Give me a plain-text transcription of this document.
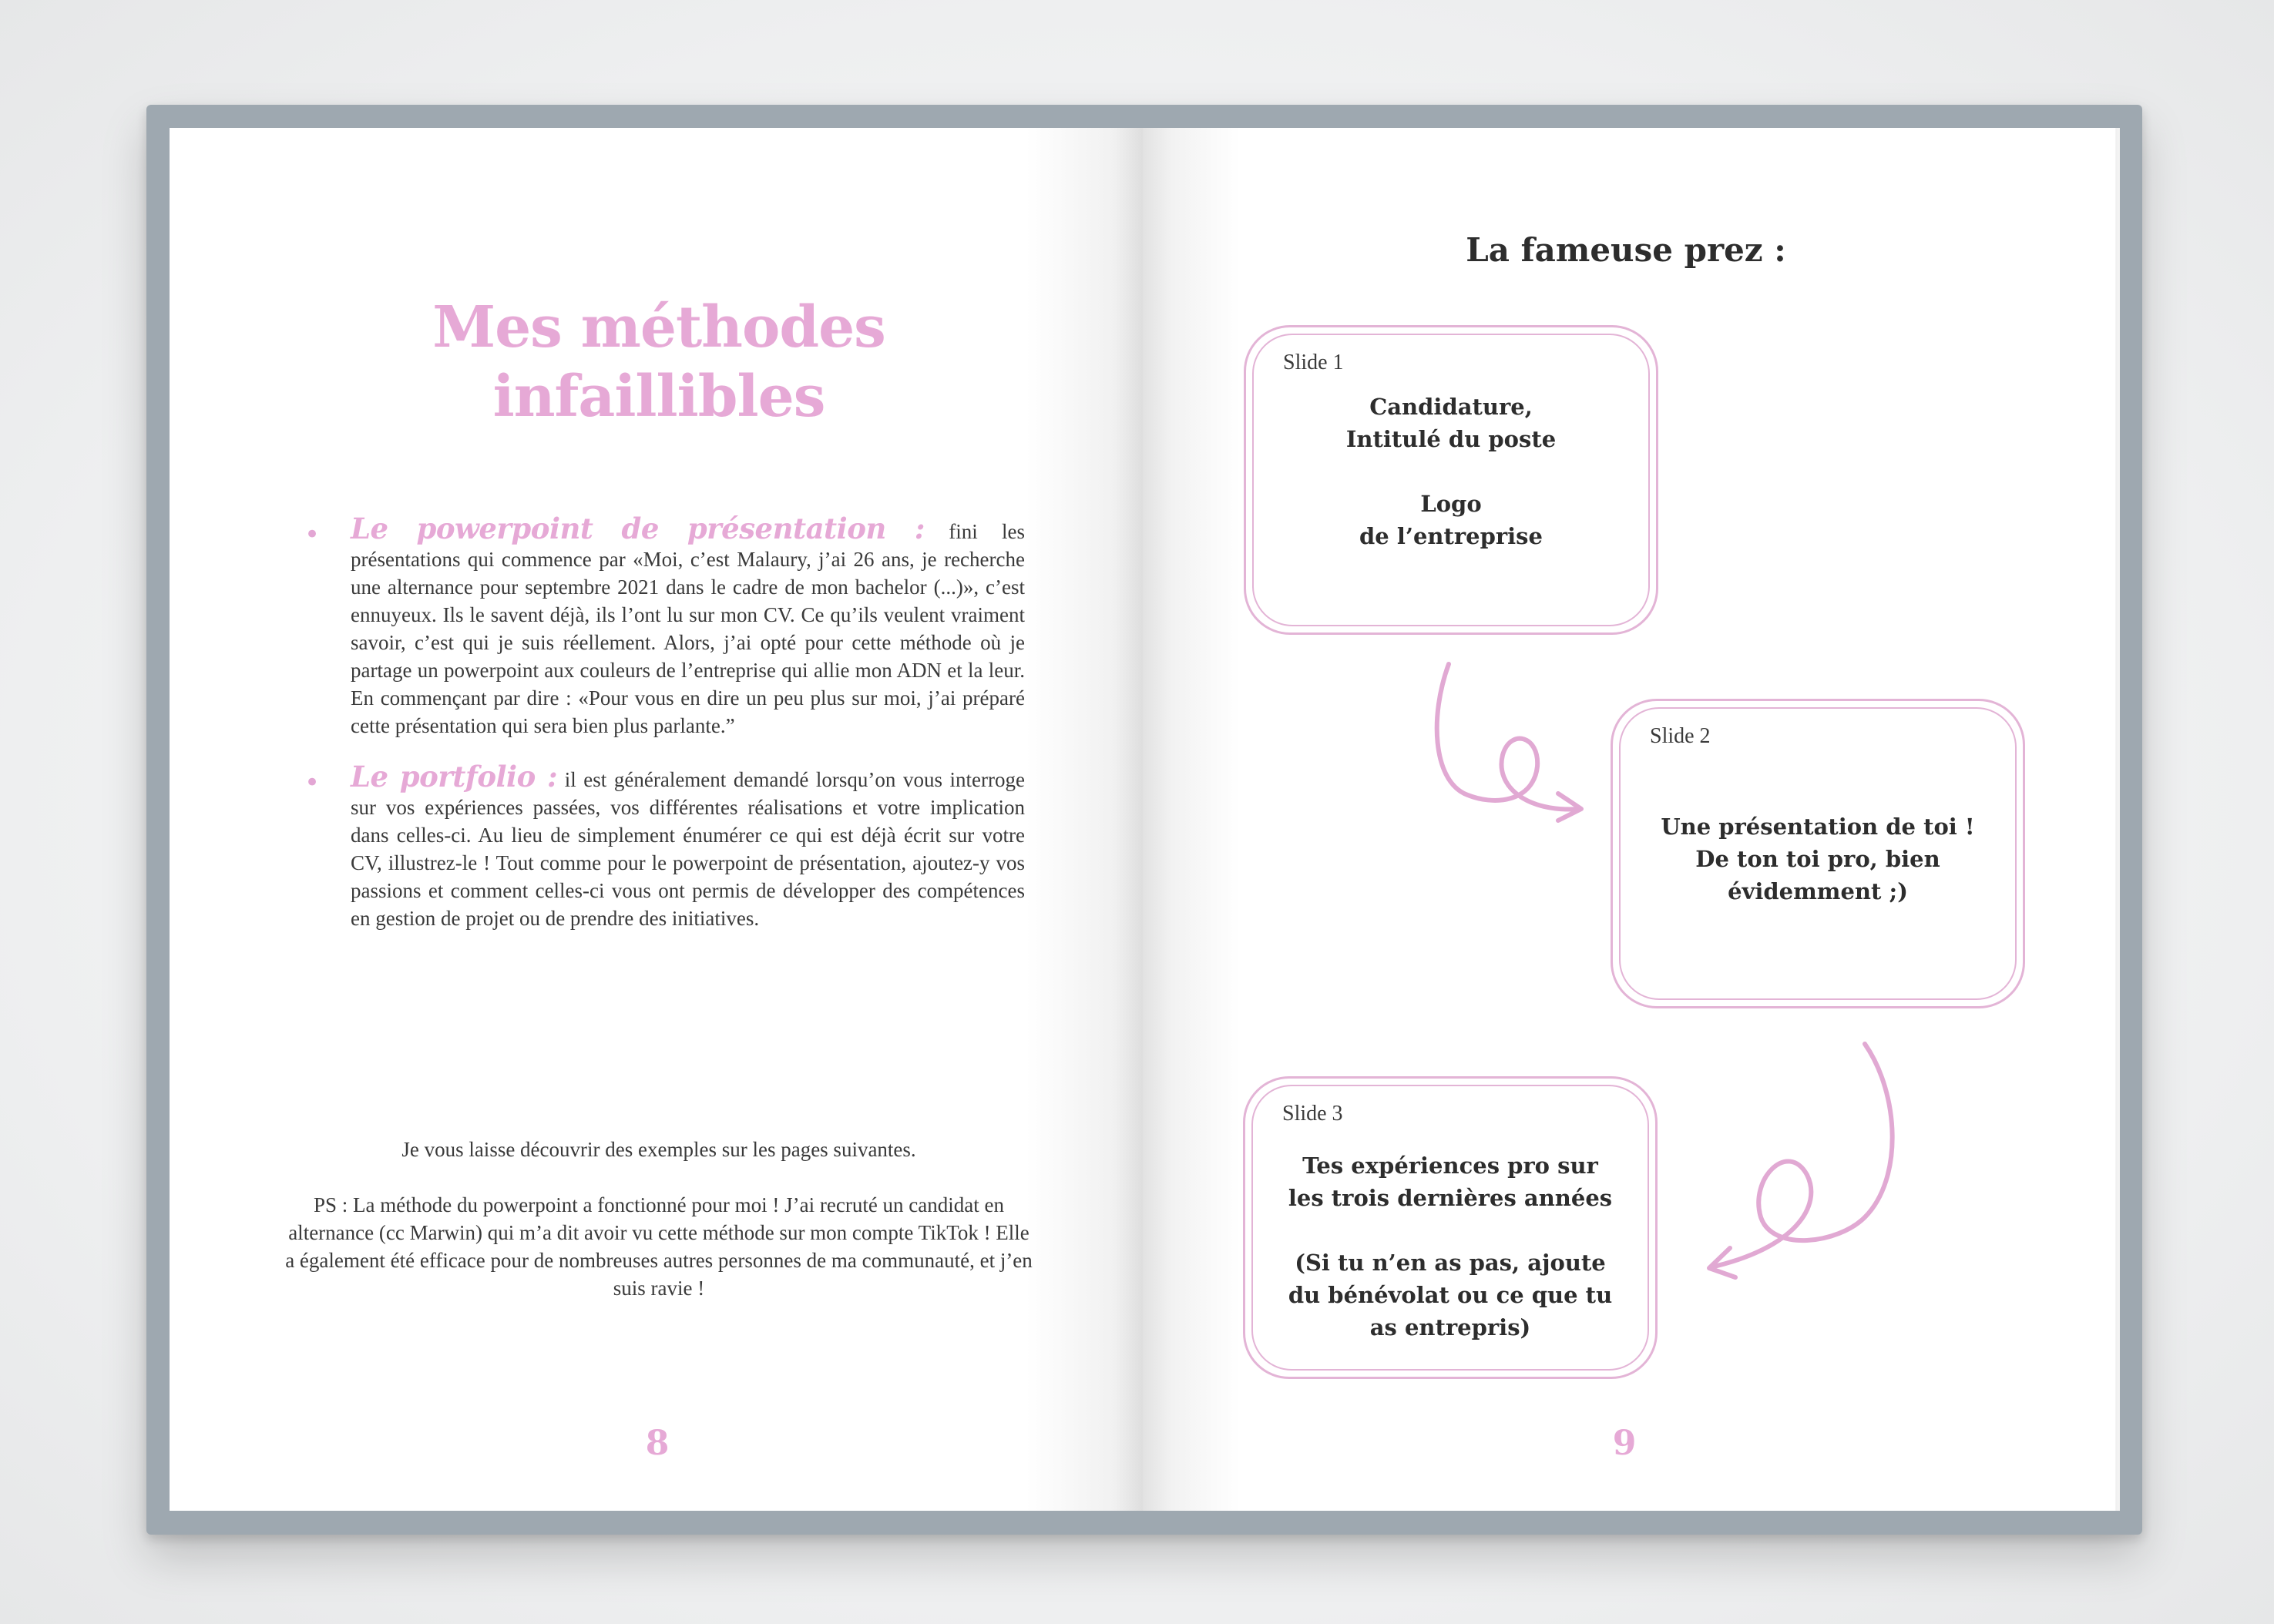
Mes méthodes
infaillibles
• Le powerpoint de présentation : fini les présentations qui commence par «Moi, c’est Malaury, j’ai 26 ans, je recherche une alternance pour septembre 2021 dans le cadre de mon bachelor (...)», c’est ennuyeux. Ils le savent déjà, ils l’ont lu sur mon CV. Ce qu’ils veulent vraiment savoir, c’est qui je suis réellement. Alors, j’ai opté pour cette méthode où je partage un powerpoint aux couleurs de l’entreprise qui allie mon ADN et la leur. En commençant par dire : «Pour vous en dire un peu plus sur moi, j’ai préparé cette présentation qui sera bien plus parlante.”

• Le portfolio : il est généralement demandé lorsqu’on vous interroge sur vos expériences passées, vos différentes réalisations et votre implication dans celles-ci. Au lieu de simplement énumérer ce qui est déjà écrit sur votre CV, illustrez-le ! Tout comme pour le powerpoint de présentation, ajoutez-y vos passions et comment celles-ci vous ont permis de développer des compétences en gestion de projet ou de prendre des initiatives.

Je vous laisse découvrir des exemples sur les pages suivantes.

PS : La méthode du powerpoint a fonctionné pour moi ! J’ai recruté un candidat en alternance (cc Marwin) qui m’a dit avoir vu cette méthode sur mon compte TikTok ! Elle a également été efficace pour de nombreuses autres personnes de ma communauté, et j’en suis ravie !

8
La fameuse prez :
Slide 1

Candidature,

Intitulé du poste

Logo

de l’entreprise

Slide 2

Une présentation de toi !

De ton toi pro, bien

évidemment ;)

Slide 3

Tes expériences pro sur

les trois dernières années

(Si tu n’en as pas, ajoute

du bénévolat ou ce que tu

as entrepris)

9
